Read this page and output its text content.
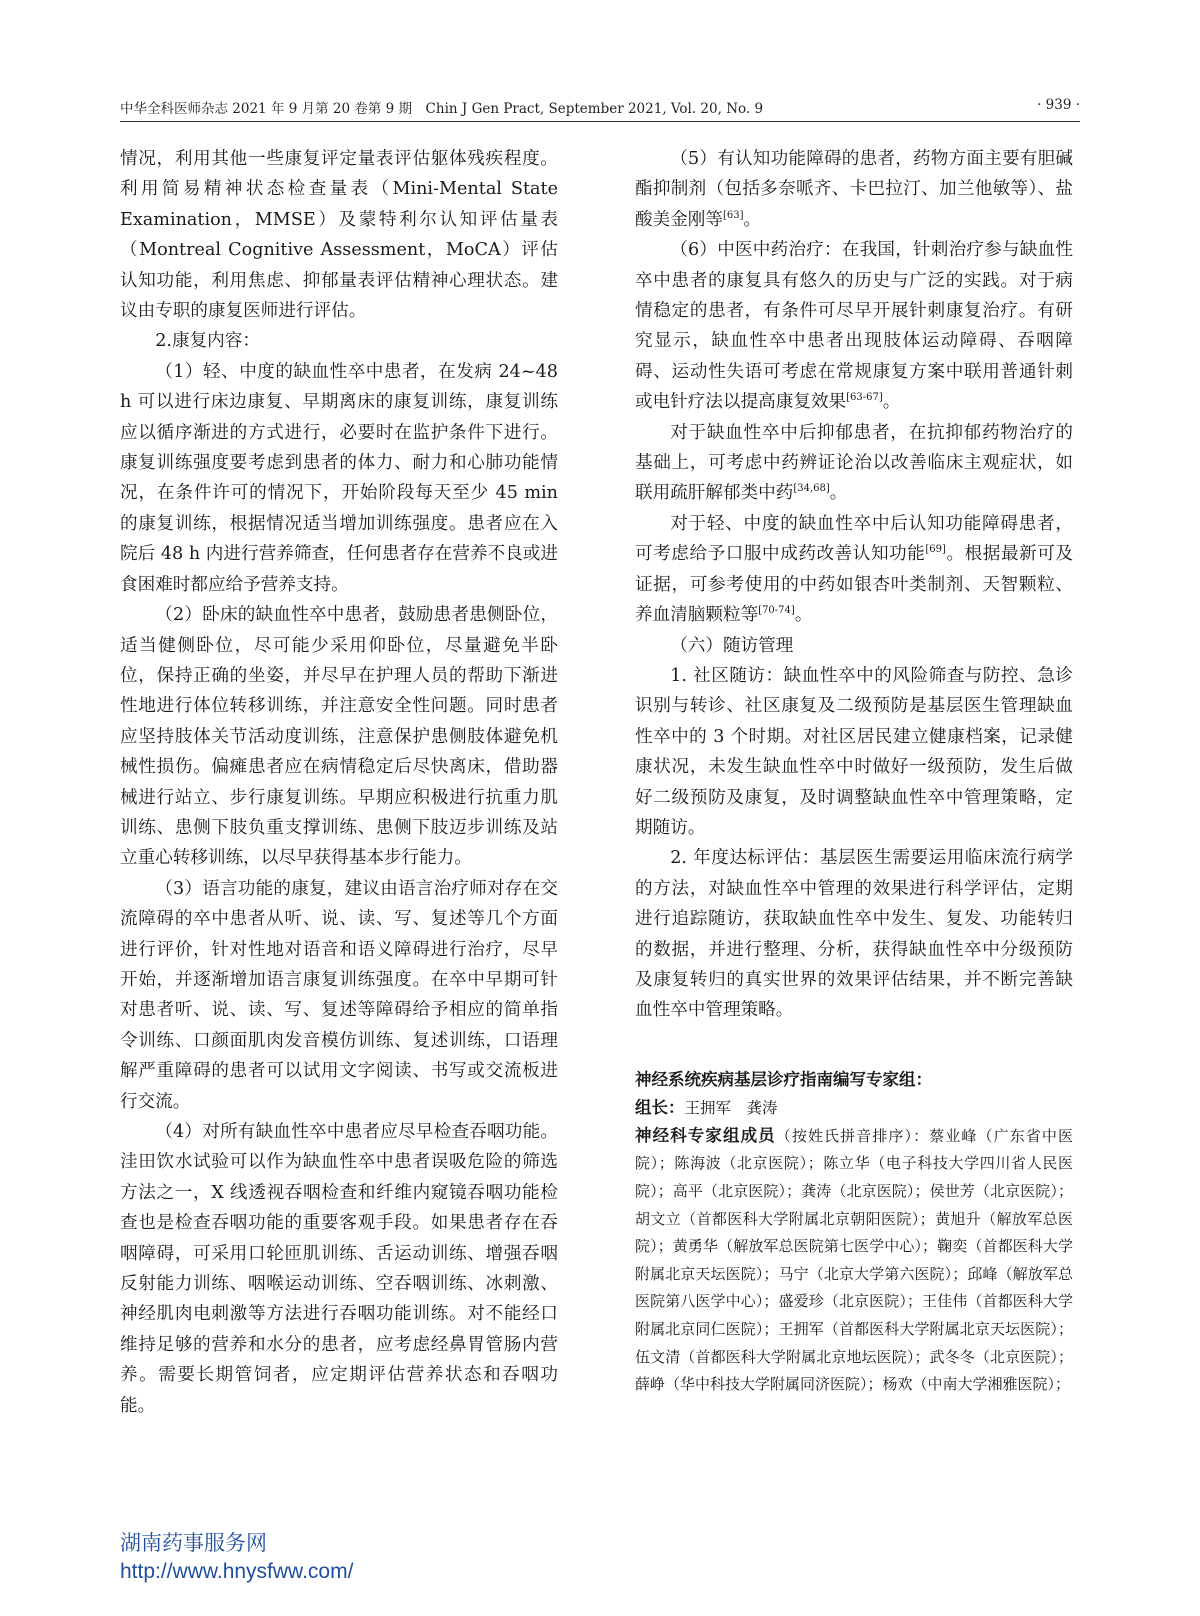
中华全科医师杂志 2021 年 9 月第 20 卷第 9 期　Chin J Gen Pract, September 2021, Vol. 20, No. 9	· 939 ·

情况，利用其他一些康复评定量表评估躯体残疾程度。利用简易精神状态检查量表（Mini-Mental State Examination，MMSE）及蒙特利尔认知评估量表（Montreal Cognitive Assessment，MoCA）评估认知功能，利用焦虑、抑郁量表评估精神心理状态。建议由专职的康复医师进行评估。

2.康复内容：

（1）轻、中度的缺血性卒中患者，在发病 24~48 h 可以进行床边康复、早期离床的康复训练，康复训练应以循序渐进的方式进行，必要时在监护条件下进行。康复训练强度要考虑到患者的体力、耐力和心肺功能情况，在条件许可的情况下，开始阶段每天至少 45 min 的康复训练，根据情况适当增加训练强度。患者应在入院后 48 h 内进行营养筛查，任何患者存在营养不良或进食困难时都应给予营养支持。

（2）卧床的缺血性卒中患者，鼓励患者患侧卧位，适当健侧卧位，尽可能少采用仰卧位，尽量避免半卧位，保持正确的坐姿，并尽早在护理人员的帮助下渐进性地进行体位转移训练，并注意安全性问题。同时患者应坚持肢体关节活动度训练，注意保护患侧肢体避免机械性损伤。偏瘫患者应在病情稳定后尽快离床，借助器械进行站立、步行康复训练。早期应积极进行抗重力肌训练、患侧下肢负重支撑训练、患侧下肢迈步训练及站立重心转移训练，以尽早获得基本步行能力。

（3）语言功能的康复，建议由语言治疗师对存在交流障碍的卒中患者从听、说、读、写、复述等几个方面进行评价，针对性地对语音和语义障碍进行治疗，尽早开始，并逐渐增加语言康复训练强度。在卒中早期可针对患者听、说、读、写、复述等障碍给予相应的简单指令训练、口颜面肌肉发音模仿训练、复述训练，口语理解严重障碍的患者可以试用文字阅读、书写或交流板进行交流。

（4）对所有缺血性卒中患者应尽早检查吞咽功能。洼田饮水试验可以作为缺血性卒中患者误吸危险的筛选方法之一，X 线透视吞咽检查和纤维内窥镜吞咽功能检查也是检查吞咽功能的重要客观手段。如果患者存在吞咽障碍，可采用口轮匝肌训练、舌运动训练、增强吞咽反射能力训练、咽喉运动训练、空吞咽训练、冰刺激、神经肌肉电刺激等方法进行吞咽功能训练。对不能经口维持足够的营养和水分的患者，应考虑经鼻胃管肠内营养。需要长期管饲者，应定期评估营养状态和吞咽功能。

（5）有认知功能障碍的患者，药物方面主要有胆碱酯抑制剂（包括多奈哌齐、卡巴拉汀、加兰他敏等）、盐酸美金刚等[63]。

（6）中医中药治疗：在我国，针刺治疗参与缺血性卒中患者的康复具有悠久的历史与广泛的实践。对于病情稳定的患者，有条件可尽早开展针刺康复治疗。有研究显示，缺血性卒中患者出现肢体运动障碍、吞咽障碍、运动性失语可考虑在常规康复方案中联用普通针刺或电针疗法以提高康复效果[63-67]。

对于缺血性卒中后抑郁患者，在抗抑郁药物治疗的基础上，可考虑中药辨证论治以改善临床主观症状，如联用疏肝解郁类中药[34,68]。

对于轻、中度的缺血性卒中后认知功能障碍患者，可考虑给予口服中成药改善认知功能[69]。根据最新可及证据，可参考使用的中药如银杏叶类制剂、天智颗粒、养血清脑颗粒等[70-74]。

（六）随访管理

1. 社区随访：缺血性卒中的风险筛查与防控、急诊识别与转诊、社区康复及二级预防是基层医生管理缺血性卒中的 3 个时期。对社区居民建立健康档案，记录健康状况，未发生缺血性卒中时做好一级预防，发生后做好二级预防及康复，及时调整缺血性卒中管理策略，定期随访。

2. 年度达标评估：基层医生需要运用临床流行病学的方法，对缺血性卒中管理的效果进行科学评估，定期进行追踪随访，获取缺血性卒中发生、复发、功能转归的数据，并进行整理、分析，获得缺血性卒中分级预防及康复转归的真实世界的效果评估结果，并不断完善缺血性卒中管理策略。

神经系统疾病基层诊疗指南编写专家组：

组长：王拥军　龚涛

神经科专家组成员（按姓氏拼音排序）：蔡业峰（广东省中医院）；陈海波（北京医院）；陈立华（电子科技大学四川省人民医院）；高平（北京医院）；龚涛（北京医院）；侯世芳（北京医院）；胡文立（首都医科大学附属北京朝阳医院）；黄旭升（解放军总医院）；黄勇华（解放军总医院第七医学中心）；鞠奕（首都医科大学附属北京天坛医院）；马宁（北京大学第六医院）；邱峰（解放军总医院第八医学中心）；盛爱珍（北京医院）；王佳伟（首都医科大学附属北京同仁医院）；王拥军（首都医科大学附属北京天坛医院）；伍文清（首都医科大学附属北京地坛医院）；武冬冬（北京医院）；薛峥（华中科技大学附属同济医院）；杨欢（中南大学湘雅医院）；

湖南药事服务网
http://www.hnysfww.com/
